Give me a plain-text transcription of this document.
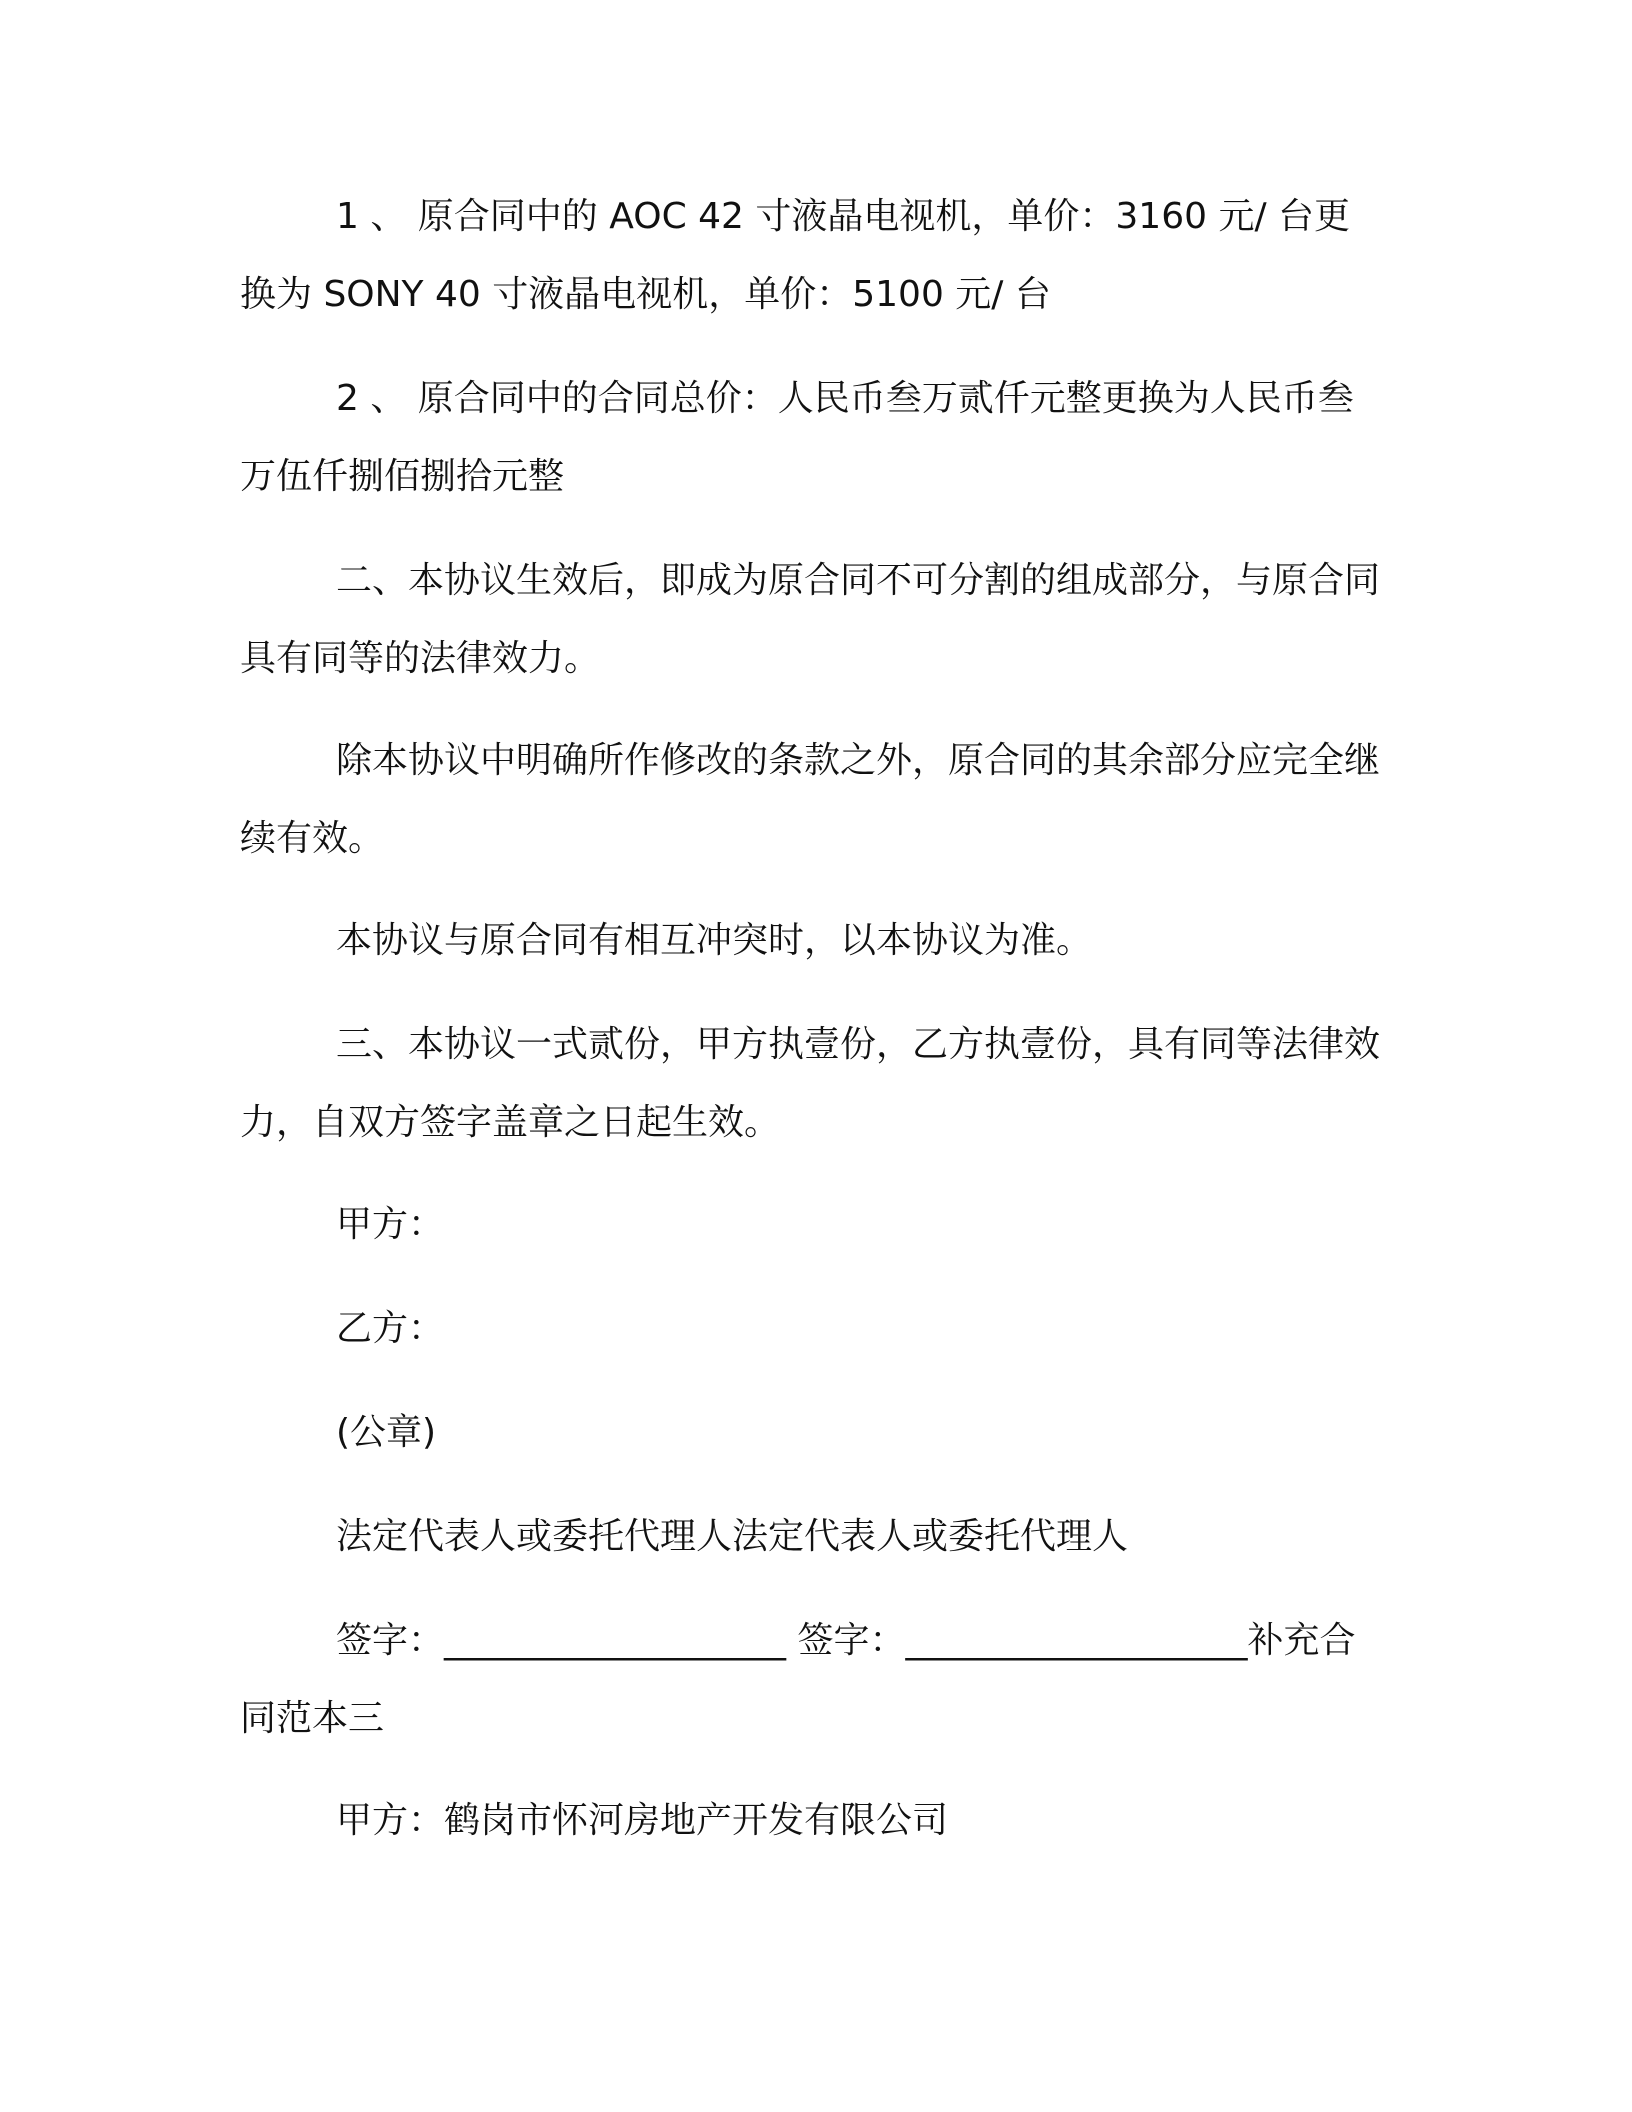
1 、 原合同中的 AOC 42 寸液晶电视机，单价：3160 元/ 台更换为 SONY 40 寸液晶电视机，单价：5100 元/ 台

2 、 原合同中的合同总价：人民币叁万贰仟元整更换为人民币叁万伍仟捌佰捌拾元整

二、本协议生效后，即成为原合同不可分割的组成部分，与原合同具有同等的法律效力。

除本协议中明确所作修改的条款之外，原合同的其余部分应完全继续有效。

本协议与原合同有相互冲突时，以本协议为准。

三、本协议一式贰份，甲方执壹份，乙方执壹份，具有同等法律效力，自双方签字盖章之日起生效。

甲方：

乙方：

(公章)

法定代表人或委托代理人法定代表人或委托代理人

签字：___________________ 签字：___________________补充合同范本三

甲方：鹤岗市怀河房地产开发有限公司
